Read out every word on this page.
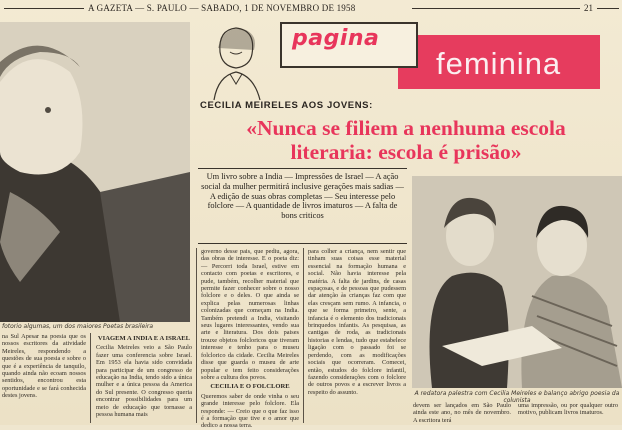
A GAZETA — S. PAULO — SABADO, 1 DE NOVEMBRO DE 1958	21
fotorio algumas, um dos maiores Poetas brasileira
pagina
feminina
CECILIA MEIRELES AOS JOVENS:
«Nunca se filiem a nenhuma escola
literaria: escola é prisão»

Um livro sobre a India — Impressões de Israel — A ação social da mulher permitirá inclusive gerações mais sadias — A edição de suas obras completas — Seu interesse pelo folclore — A quantidade de livros imaturos — A falta de bons criticos

na Sul Apesar na poesia que os nossos escritores da atividade Meireles, respondendo a questões de sua poesia e sobre o que é a experiência de tanquilo, quando ainda não ecoam nossos sentidos, encontrou esta oportunidade e se fará conhecida destes jovens.
VIAGEM A INDIA E A ISRAEL
Cecilia Meireles veio a São Paulo fazer uma conferencia sobre Israel. Em 1953 ela havia sido convidada para participar de um congresso de educação na India, tendo sido a única mulher e a única pessoa da America do Sul presente. O congresso queria encontrar possibilidades para um meio de educação que tornasse a pessoa humana mais
governo desse pais, que pediu, agora, das obras de interesse. E o poeta diz: — Percorri toda Israel, estive em contacto com poetas e escritores, e pude, também, recolher material que permite fazer conhecer sobre o nosso folclore e o deles. O que ainda se explica pelas numerosas linhas colonizadas que começam na India. Também pretendi a India, visitando seus lugares interessantes, vendo sua arte e literatura. Dos dois paises trouxe objetos folcloricos que tiveram interesse e tenho para o museu folclorico da cidade. Cecilia Meireles disse que guarda o museu de arte popular e tem feito considerações sobre a cultura dos povos.
CECILIA E O FOLCLORE
Queremos saber de onde vinha o seu grande interesse pelo folclore. Ela responde: — Creio que o que faz isso é a formação que tive e o amor que dedico a nossa terra.
para colher a criança, nem sentir que tinham suas coisas esse material essencial na formação humana e social. Não havia interesse pela matéria. A falta de jardins, de casas espaçosas, e de pessoas que pudessem dar atenção às crianças faz com que elas cresçam sem rumo. A infancia, o que se forma primeiro, sente, a infancia é o elemento dos tradicionais brinquedos infantis. As pesquisas, as cantigas de roda, as tradicionais historias e lendas, tudo que estabelece ligação com o passado foi se perdendo, com as modificações sociais que ocorreram. Comecei, então, estudos do folclore infantil, fazendo considerações com o folclore de outros povos e a escrever livros a respeito do assunto.	A redatora palestra com Cecilia Meireles e balanço abrigo poesia da colunista
devem ser lançados em São Paulo ainda este ano, no mês de novembro. A escritora terá
uma impressão, ou por qualquer outro motivo, publicam livros imaturos.
